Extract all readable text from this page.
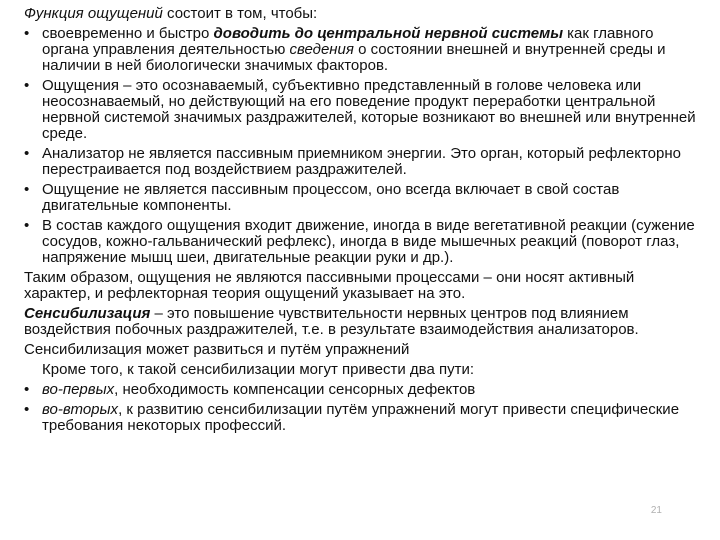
Функция ощущений состоит в том, чтобы:

• своевременно и быстро доводить до центральной нервной системы как главного органа управления деятельностью сведения о состоянии внешней и внутренней среды и наличии в ней биологически значимых факторов.
• Ощущения – это осознаваемый, субъективно представленный в голове человека или неосознаваемый, но действующий на его поведение продукт переработки центральной нервной системой значимых раздражителей, которые возникают во внешней или внутренней среде.
• Анализатор не является пассивным приемником энергии. Это орган, который рефлекторно перестраивается под воздействием раздражителей.
• Ощущение не является пассивным процессом, оно всегда включает в свой состав двигательные компоненты.
• В состав каждого ощущения входит движение, иногда в виде вегетативной реакции (сужение сосудов, кожно-гальванический рефлекс), иногда в виде мышечных реакций (поворот глаз, напряжение мышц шеи, двигательные реакции руки и др.).

Таким образом, ощущения не являются пассивными процессами – они носят активный характер, и рефлекторная теория ощущений указывает на это.

Сенсибилизация – это повышение чувствительности нервных центров под влиянием воздействия побочных раздражителей, т.е. в результате взаимодействия анализаторов.

Сенсибилизация может развиться и путём упражнений

Кроме того, к такой сенсибилизации могут привести два пути:

• во-первых, необходимость компенсации сенсорных дефектов
• во-вторых, к развитию сенсибилизации путём упражнений могут привести специфические требования некоторых профессий.
21
